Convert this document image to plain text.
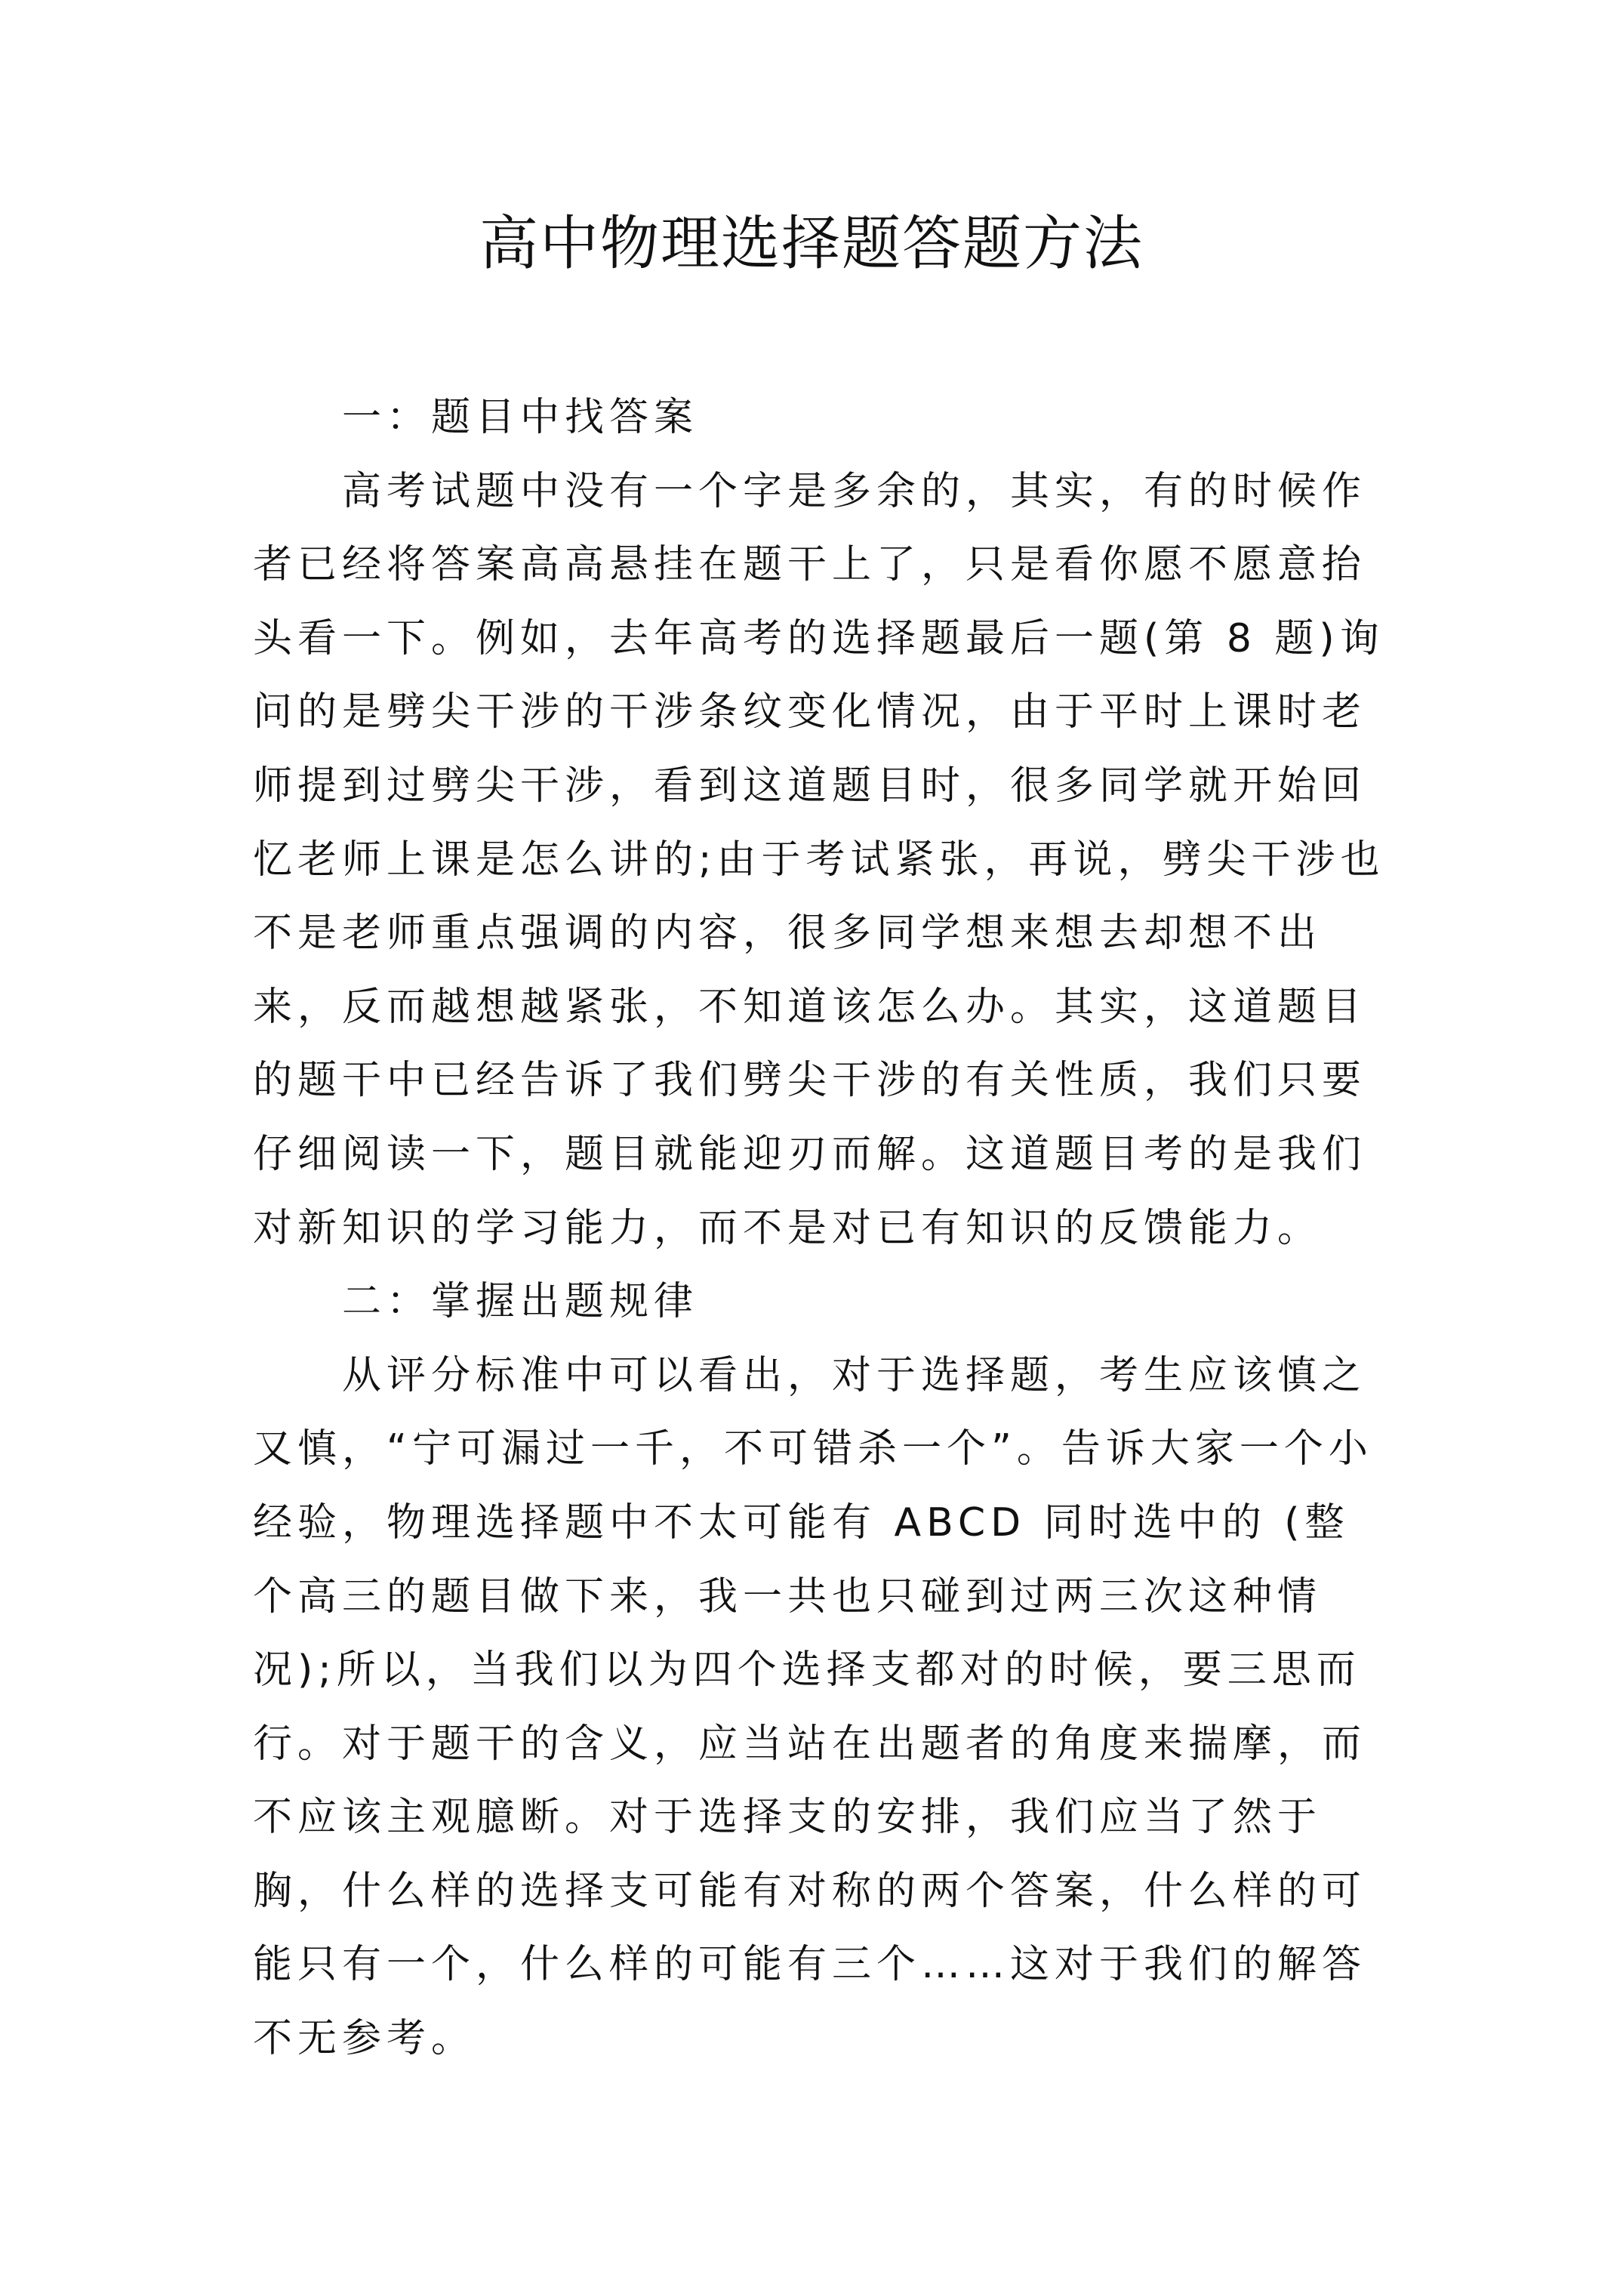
高中物理选择题答题方法

一：题目中找答案

高考试题中没有一个字是多余的，其实，有的时候作者已经将答案高高悬挂在题干上了，只是看你愿不愿意抬头看一下。例如，去年高考的选择题最后一题(第 8 题)询问的是劈尖干涉的干涉条纹变化情况，由于平时上课时老师提到过劈尖干涉，看到这道题目时，很多同学就开始回忆老师上课是怎么讲的;由于考试紧张，再说，劈尖干涉也不是老师重点强调的内容，很多同学想来想去却想不出来，反而越想越紧张，不知道该怎么办。其实，这道题目的题干中已经告诉了我们劈尖干涉的有关性质，我们只要仔细阅读一下，题目就能迎刃而解。这道题目考的是我们对新知识的学习能力，而不是对已有知识的反馈能力。

二：掌握出题规律

从评分标准中可以看出，对于选择题，考生应该慎之又慎，“宁可漏过一千，不可错杀一个”。告诉大家一个小经验，物理选择题中不太可能有 ABCD 同时选中的 (整个高三的题目做下来，我一共也只碰到过两三次这种情况);所以，当我们以为四个选择支都对的时候，要三思而行。对于题干的含义，应当站在出题者的角度来揣摩，而不应该主观臆断。对于选择支的安排，我们应当了然于胸，什么样的选择支可能有对称的两个答案，什么样的可能只有一个，什么样的可能有三个……这对于我们的解答不无参考。
